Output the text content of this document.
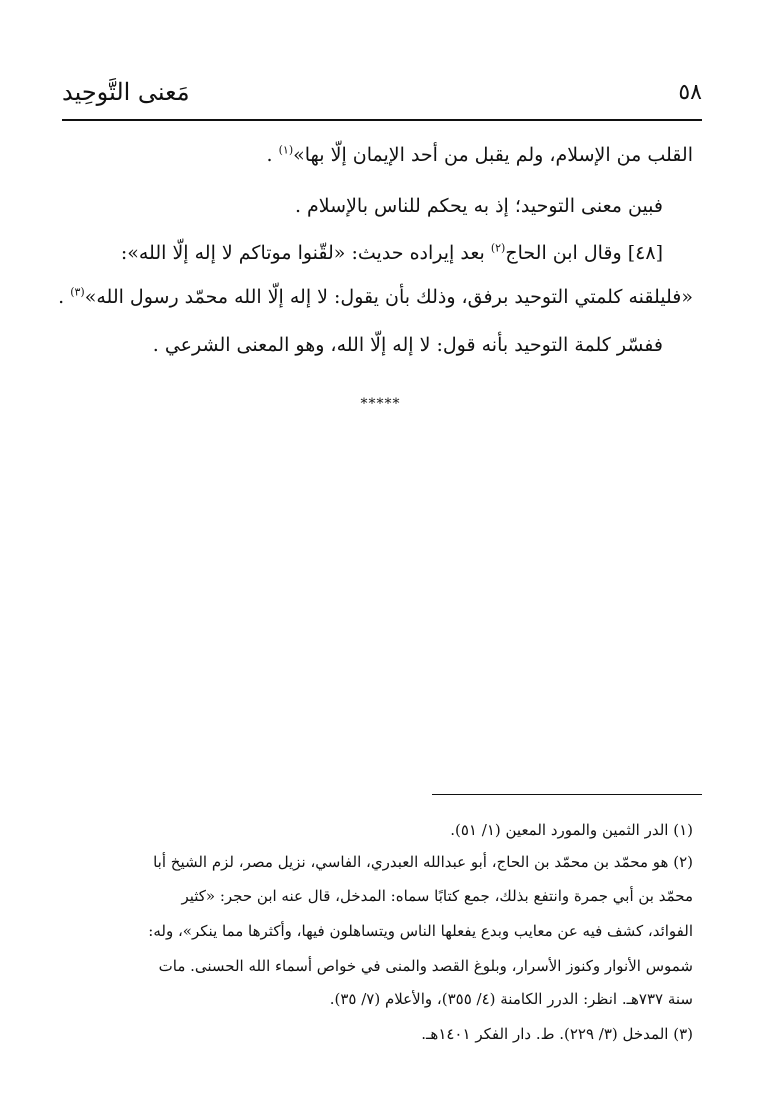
٥٨
مَعنى التَّوحِيد
القلب من الإسلام، ولم يقبل من أحد الإيمان إلّا بها»$^{(١)}$ .
فبين معنى التوحيد؛ إذ به يحكم للناس بالإسلام .
[٤٨] وقال ابن الحاج$^{(٢)}$ بعد إيراده حديث: «لقّنوا موتاكم لا إله إلّا الله»:
«فليلقنه كلمتي التوحيد برفق، وذلك بأن يقول: لا إله إلّا الله محمّد رسول الله»$^{(٣)}$ .
ففسّر كلمة التوحيد بأنه قول: لا إله إلّا الله، وهو المعنى الشرعي .
*****
(١) الدر الثمين والمورد المعين (١/ ٥١).
(٢) هو محمّد بن محمّد بن الحاج، أبو عبدالله العبدري، الفاسي، نزيل مصر، لزم الشيخ أبا
محمّد بن أبي جمرة وانتفع بذلك، جمع كتابًا سماه: المدخل، قال عنه ابن حجر: «كثير
الفوائد، كشف فيه عن معايب وبدع يفعلها الناس ويتساهلون فيها، وأكثرها مما ينكر»، وله:
شموس الأنوار وكنوز الأسرار، وبلوغ القصد والمنى في خواص أسماء الله الحسنى. مات
سنة ٧٣٧هـ. انظر: الدرر الكامنة (٤/ ٣٥٥)، والأعلام (٧/ ٣٥).
(٣) المدخل (٣/ ٢٢٩). ط. دار الفكر ١٤٠١هـ.
